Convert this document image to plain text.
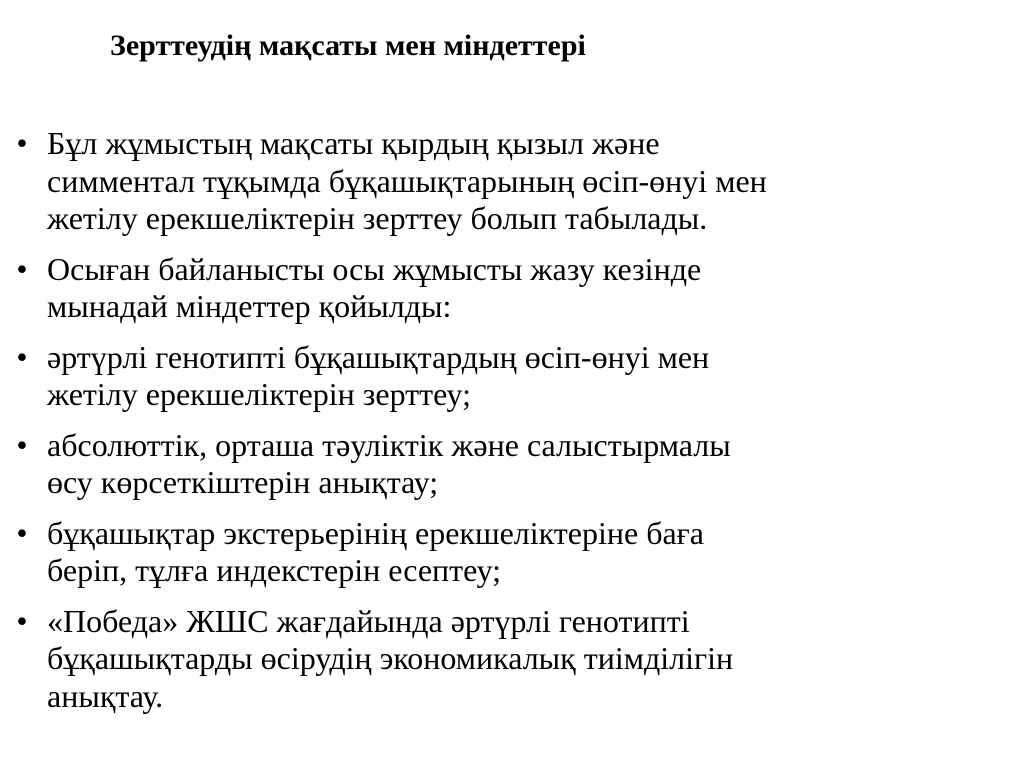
Зерттеудің мақсаты мен міндеттері
• Бұл жұмыстың мақсаты қырдың қызыл және
симментал тұқымда бұқашықтарының өсіп-өнуі мен
жетілу ерекшеліктерін зерттеу болып табылады.
• Осыған байланысты осы жұмысты жазу кезінде
мынадай міндеттер қойылды:
• әртүрлі генотипті бұқашықтардың өсіп-өнуі мен
жетілу ерекшеліктерін зерттеу;
• абсолюттік, орташа тәуліктік және салыстырмалы
өсу көрсеткіштерін анықтау;
• бұқашықтар экстерьерінің ерекшеліктеріне баға
беріп, тұлға индекстерін есептеу;
• «Победа» ЖШС жағдайында әртүрлі генотипті
бұқашықтарды өсірудің экономикалық тиімділігін
анықтау.
